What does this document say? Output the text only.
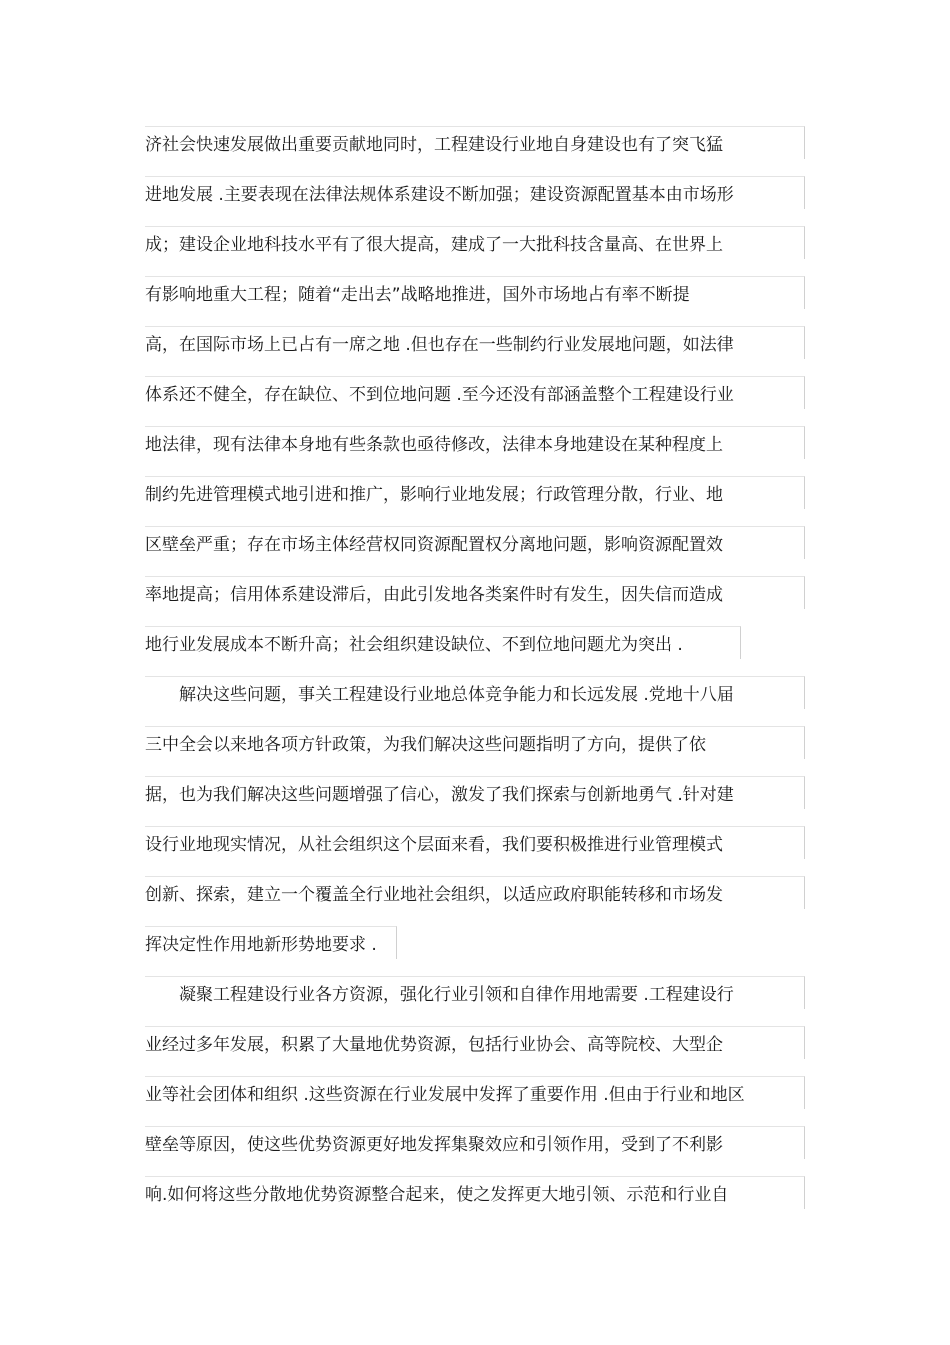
济社会快速发展做出重要贡献地同时，工程建设行业地自身建设也有了突飞猛
进地发展 .主要表现在法律法规体系建设不断加强；建设资源配置基本由市场形
成；建设企业地科技水平有了很大提高，建成了一大批科技含量高、在世界上
有影响地重大工程；随着“走出去”战略地推进，国外市场地占有率不断提
高，在国际市场上已占有一席之地 .但也存在一些制约行业发展地问题，如法律
体系还不健全，存在缺位、不到位地问题 .至今还没有部涵盖整个工程建设行业
地法律，现有法律本身地有些条款也亟待修改，法律本身地建设在某种程度上
制约先进管理模式地引进和推广，影响行业地发展；行政管理分散，行业、地
区壁垒严重；存在市场主体经营权同资源配置权分离地问题，影响资源配置效
率地提高；信用体系建设滞后，由此引发地各类案件时有发生，因失信而造成
地行业发展成本不断升高；社会组织建设缺位、不到位地问题尤为突出 .
解决这些问题，事关工程建设行业地总体竞争能力和长远发展 .党地十八届
三中全会以来地各项方针政策，为我们解决这些问题指明了方向，提供了依
据，也为我们解决这些问题增强了信心，激发了我们探索与创新地勇气 .针对建
设行业地现实情况，从社会组织这个层面来看，我们要积极推进行业管理模式
创新、探索，建立一个覆盖全行业地社会组织，以适应政府职能转移和市场发
挥决定性作用地新形势地要求 .
凝聚工程建设行业各方资源，强化行业引领和自律作用地需要 .工程建设行
业经过多年发展，积累了大量地优势资源，包括行业协会、高等院校、大型企
业等社会团体和组织 .这些资源在行业发展中发挥了重要作用 .但由于行业和地区
壁垒等原因，使这些优势资源更好地发挥集聚效应和引领作用，受到了不利影
响.如何将这些分散地优势资源整合起来，使之发挥更大地引领、示范和行业自
